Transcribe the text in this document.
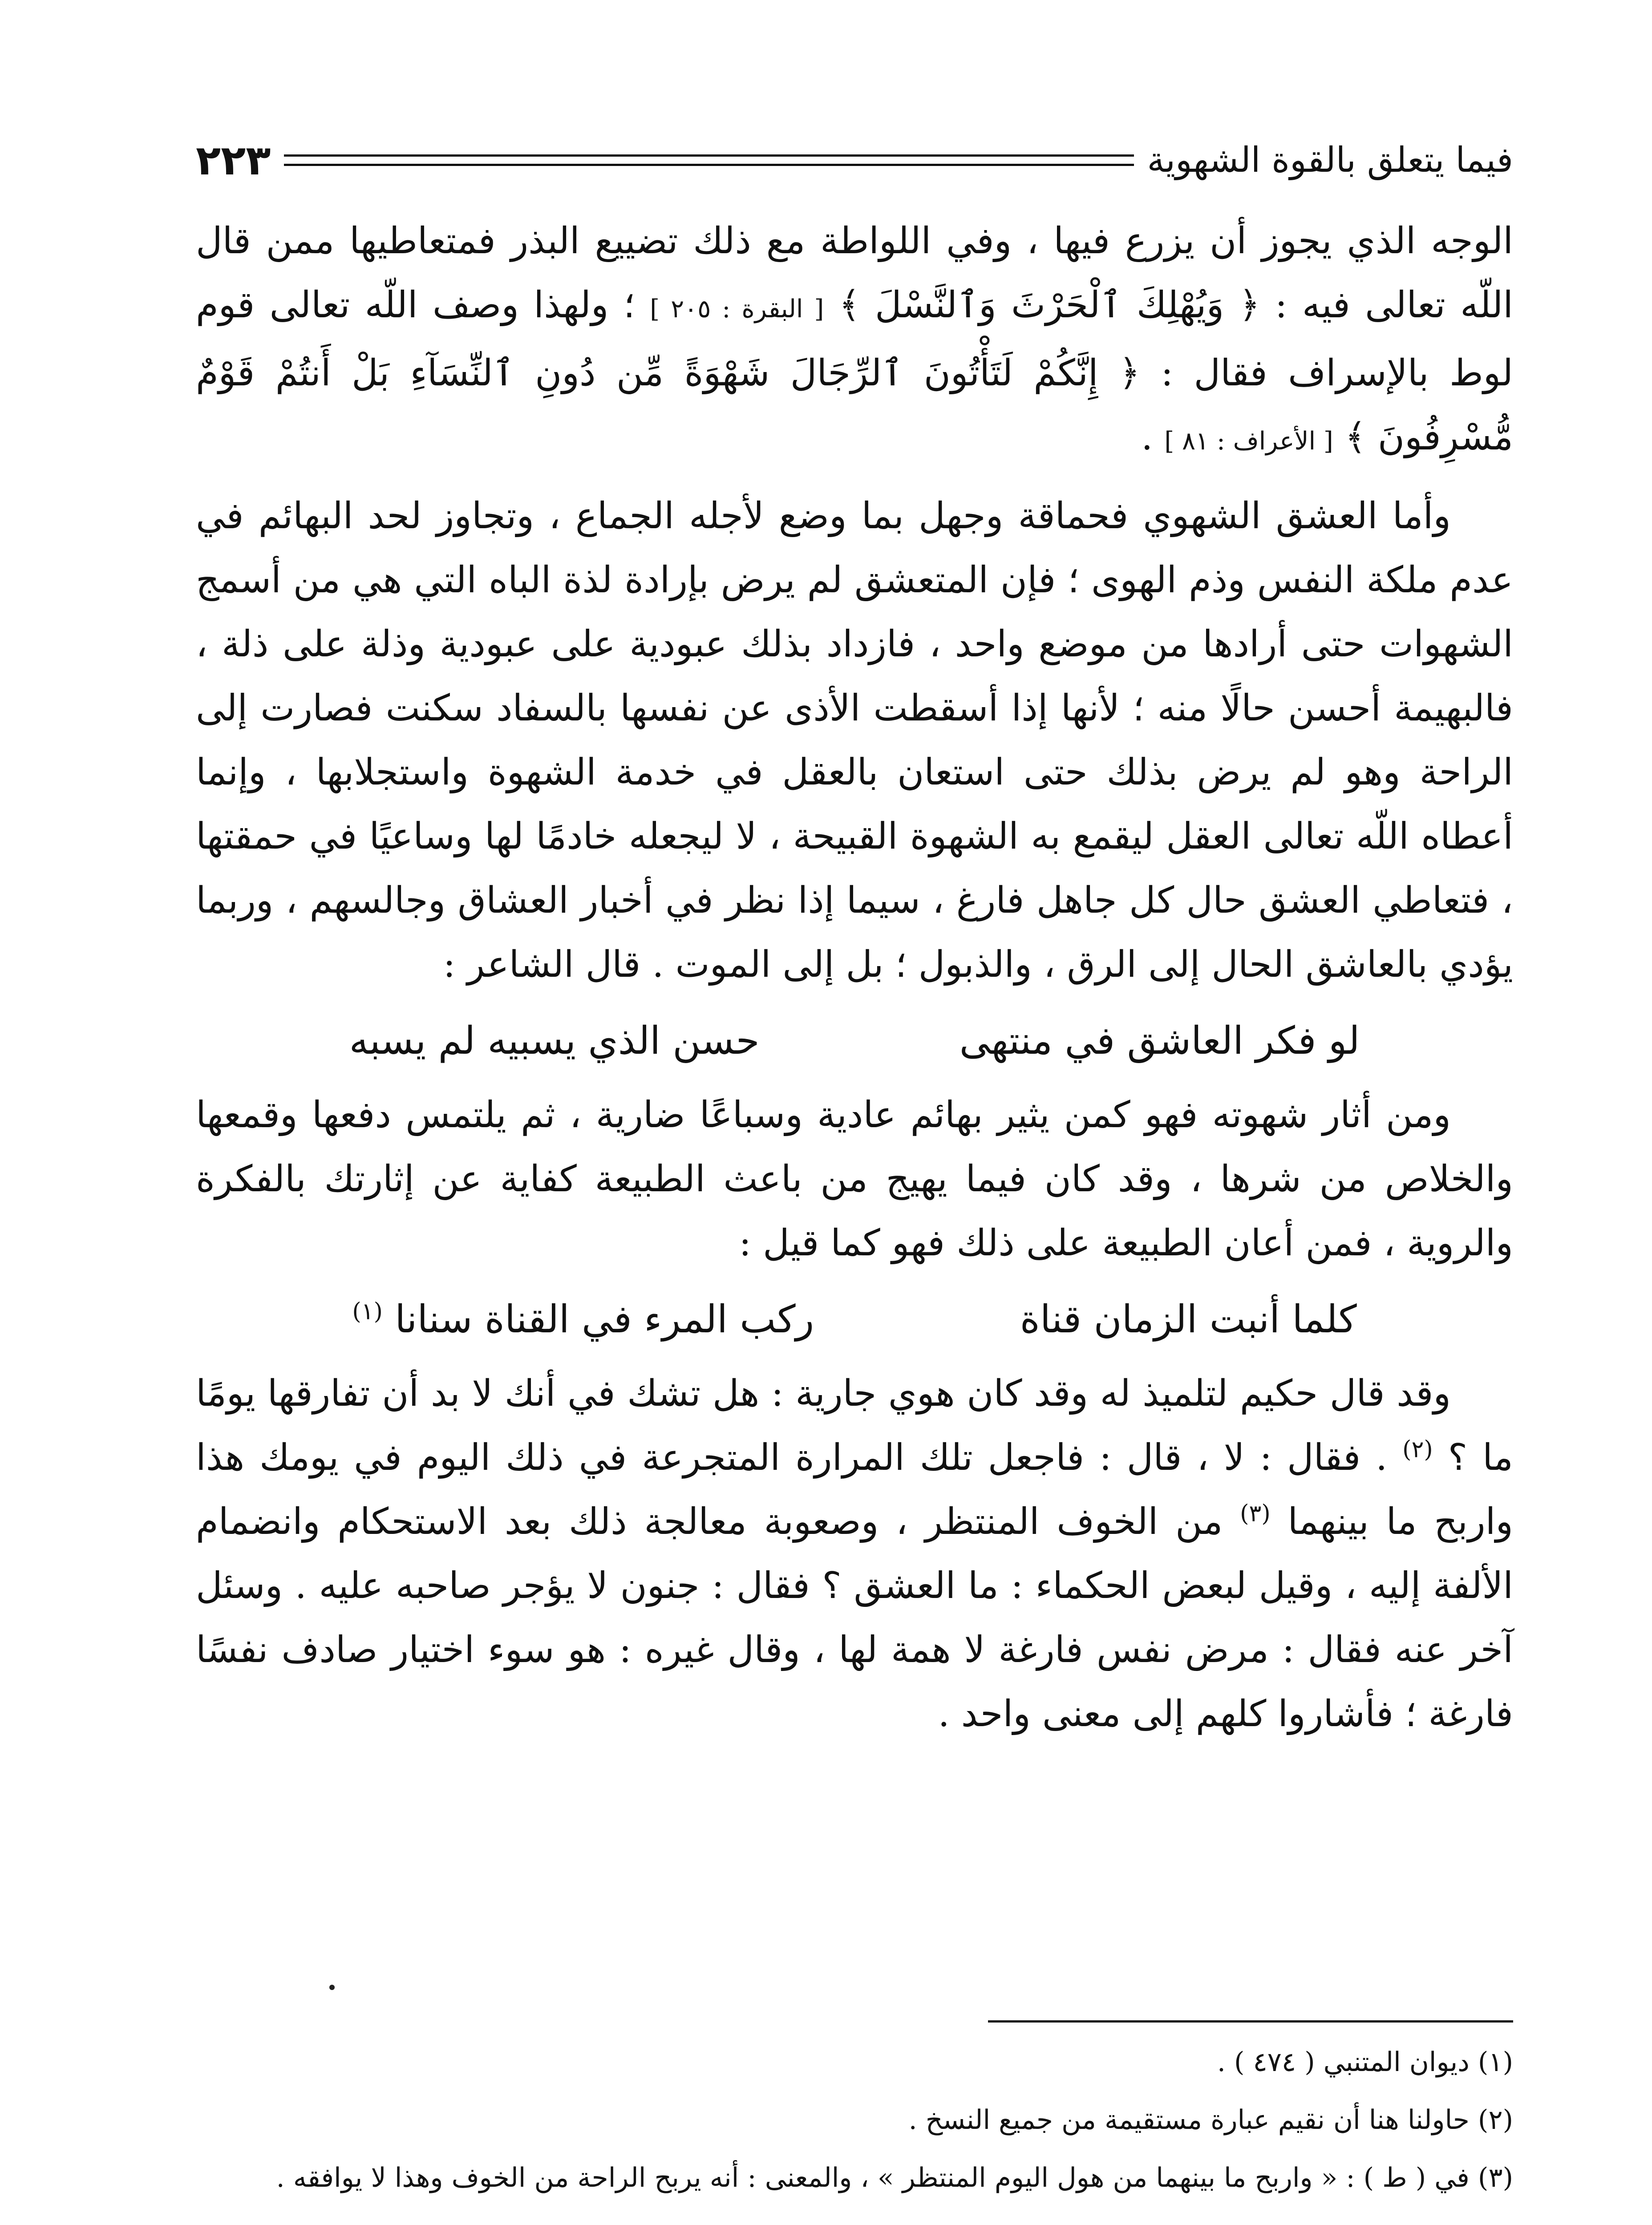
فيما يتعلق بالقوة الشهوية
٢٢٣

الوجه الذي يجوز أن يزرع فيها ، وفي اللواطة مع ذلك تضييع البذر فمتعاطيها ممن قال اللّه تعالى فيه : ﴿ وَيُهْلِكَ ٱلْحَرْثَ وَٱلنَّسْلَ ﴾ [ البقرة : ٢٠٥ ] ؛ ولهذا وصف اللّه تعالى قوم لوط بالإسراف فقال : ﴿ إِنَّكُمْ لَتَأْتُونَ ٱلرِّجَالَ شَهْوَةً مِّن دُونِ ٱلنِّسَآءِ بَلْ أَنتُمْ قَوْمٌ مُّسْرِفُونَ ﴾ [ الأعراف : ٨١ ] .

وأما العشق الشهوي فحماقة وجهل بما وضع لأجله الجماع ، وتجاوز لحد البهائم في عدم ملكة النفس وذم الهوى ؛ فإن المتعشق لم يرض بإرادة لذة الباه التي هي من أسمج الشهوات حتى أرادها من موضع واحد ، فازداد بذلك عبودية على عبودية وذلة على ذلة ، فالبهيمة أحسن حالًا منه ؛ لأنها إذا أسقطت الأذى عن نفسها بالسفاد سكنت فصارت إلى الراحة وهو لم يرض بذلك حتى استعان بالعقل في خدمة الشهوة واستجلابها ، وإنما أعطاه اللّه تعالى العقل ليقمع به الشهوة القبيحة ، لا ليجعله خادمًا لها وساعيًا في حمقتها ، فتعاطي العشق حال كل جاهل فارغ ، سيما إذا نظر في أخبار العشاق وجالسهم ، وربما يؤدي بالعاشق الحال إلى الرق ، والذبول ؛ بل إلى الموت . قال الشاعر :

لو فكر العاشق في منتهى
حسن الذي يسبيه لم يسبه

ومن أثار شهوته فهو كمن يثير بهائم عادية وسباعًا ضارية ، ثم يلتمس دفعها وقمعها والخلاص من شرها ، وقد كان فيما يهيج من باعث الطبيعة كفاية عن إثارتك بالفكرة والروية ، فمن أعان الطبيعة على ذلك فهو كما قيل :

كلما أنبت الزمان قناة
ركب المرء في القناة سنانا $^{(١)}$

وقد قال حكيم لتلميذ له وقد كان هوي جارية : هل تشك في أنك لا بد أن تفارقها يومًا ما ؟ $^{(٢)}$ . فقال : لا ، قال : فاجعل تلك المرارة المتجرعة في ذلك اليوم في يومك هذا واربح ما بينهما $^{(٣)}$ من الخوف المنتظر ، وصعوبة معالجة ذلك بعد الاستحكام وانضمام الألفة إليه ، وقيل لبعض الحكماء : ما العشق ؟ فقال : جنون لا يؤجر صاحبه عليه . وسئل آخر عنه فقال : مرض نفس فارغة لا همة لها ، وقال غيره : هو سوء اختيار صادف نفسًا فارغة ؛ فأشاروا كلهم إلى معنى واحد .

(١) ديوان المتنبي ( ٤٧٤ ) .

(٢) حاولنا هنا أن نقيم عبارة مستقيمة من جميع النسخ .

(٣) في ( ط ) : « واربح ما بينهما من هول اليوم المنتظر » ، والمعنى : أنه يربح الراحة من الخوف وهذا لا يوافقه .
